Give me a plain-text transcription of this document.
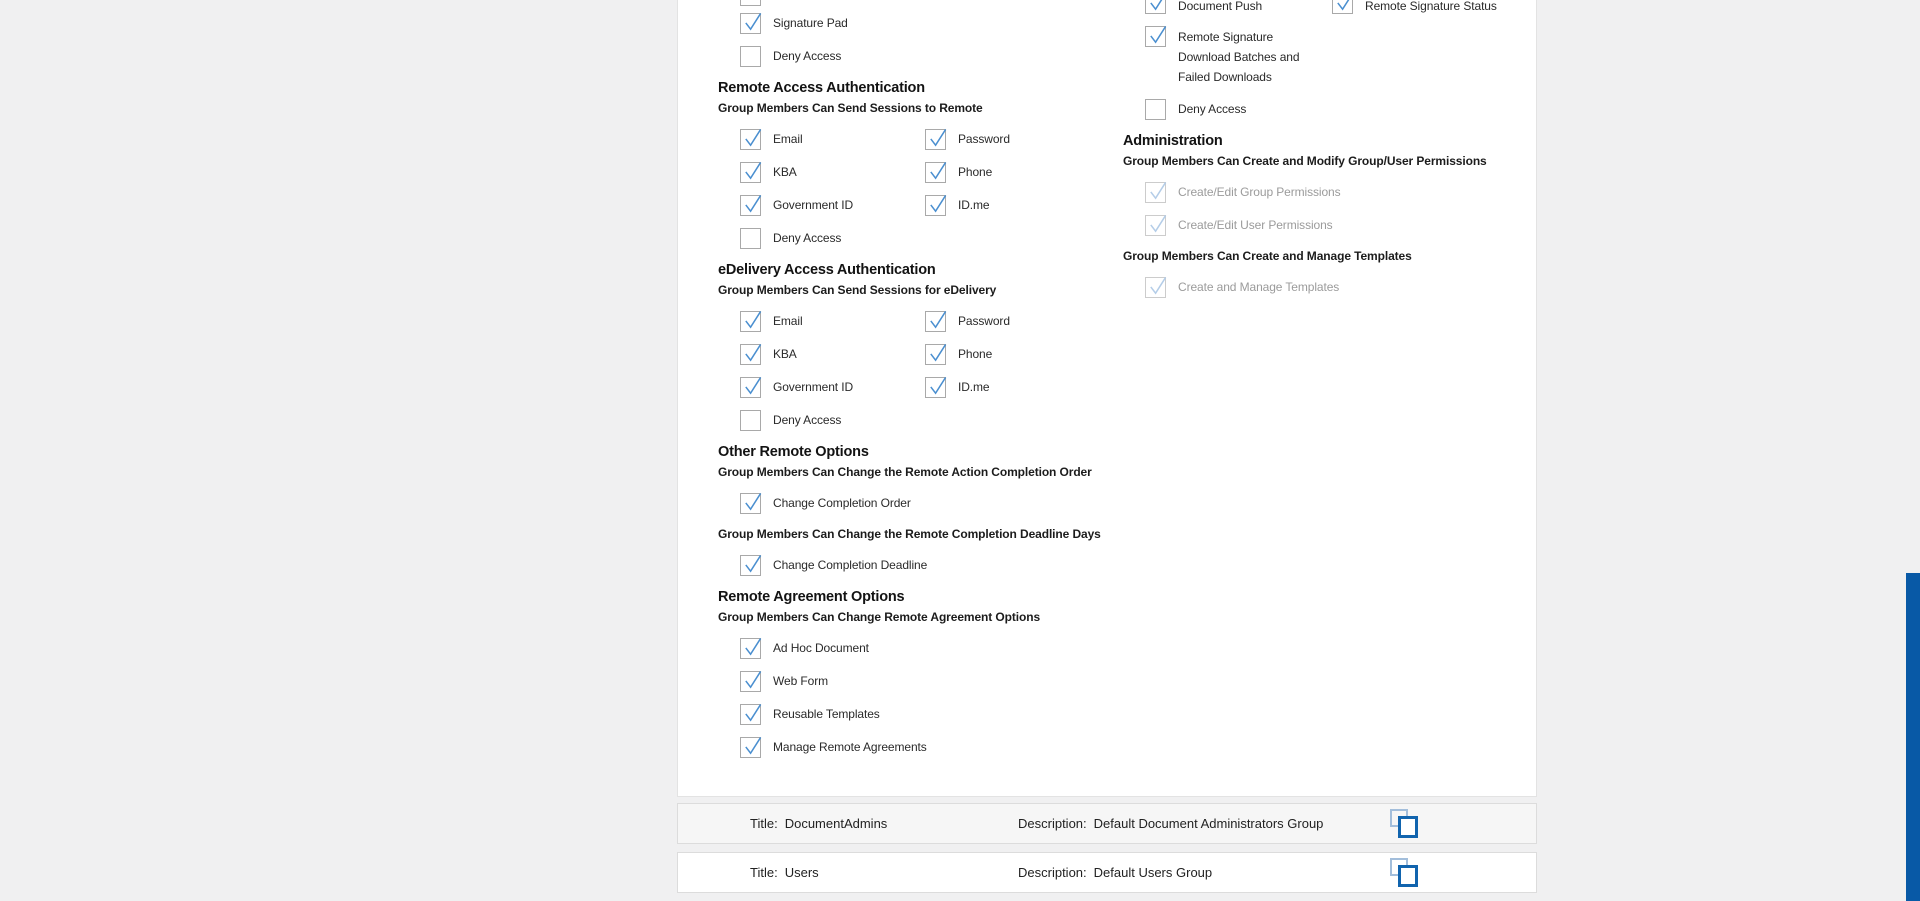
Signature Pad
Deny Access
Remote Access Authentication
Group Members Can Send Sessions to Remote
Email	Password
KBA	Phone
Government ID	ID.me
Deny Access
eDelivery Access Authentication
Group Members Can Send Sessions for eDelivery
Email	Password
KBA	Phone
Government ID	ID.me
Deny Access
Other Remote Options
Group Members Can Change the Remote Action Completion Order
Change Completion Order
Group Members Can Change the Remote Completion Deadline Days
Change Completion Deadline
Remote Agreement Options
Group Members Can Change Remote Agreement Options
Ad Hoc Document
Web Form
Reusable Templates
Manage Remote Agreements
Document Push	Remote Signature Status
Remote Signature
Download Batches and
Failed Downloads
Deny Access
Administration
Group Members Can Create and Modify Group/User Permissions
Create/Edit Group Permissions
Create/Edit User Permissions
Group Members Can Create and Manage Templates
Create and Manage Templates
Title: DocumentAdmins	Description: Default Document Administrators Group
Title: Users	Description: Default Users Group
